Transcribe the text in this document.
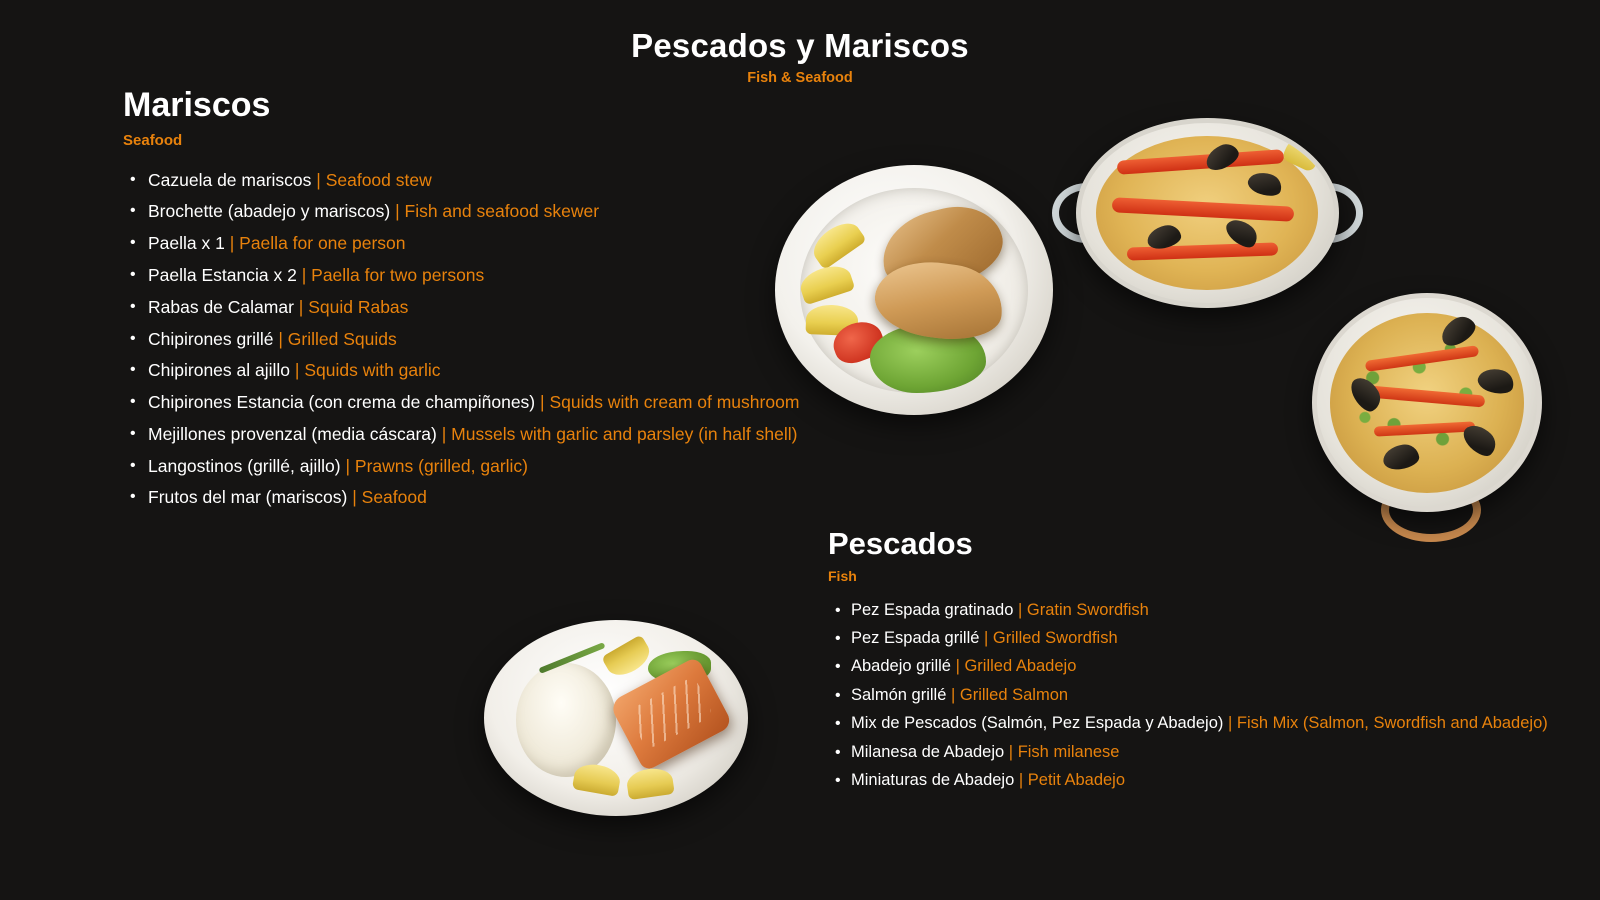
Pescados y Mariscos
Fish & Seafood
Mariscos
Seafood
• Cazuela de mariscos | Seafood stew
• Brochette (abadejo y mariscos) | Fish and seafood skewer
• Paella x 1 | Paella for one person
• Paella Estancia x 2 | Paella for two persons
• Rabas de Calamar | Squid Rabas
• Chipirones grillé | Grilled Squids
• Chipirones al ajillo | Squids with garlic
• Chipirones Estancia (con crema de champiñones) | Squids with cream of mushroom
• Mejillones provenzal (media cáscara) | Mussels with garlic and parsley (in half shell)
• Langostinos (grillé, ajillo) | Prawns (grilled, garlic)
• Frutos del mar (mariscos) | Seafood
Pescados
Fish
• Pez Espada gratinado | Gratin Swordfish
• Pez Espada grillé | Grilled Swordfish
• Abadejo grillé | Grilled Abadejo
• Salmón grillé | Grilled Salmon
• Mix de Pescados (Salmón, Pez Espada y Abadejo) | Fish Mix (Salmon, Swordfish and Abadejo)
• Milanesa de Abadejo | Fish milanese
• Miniaturas de Abadejo | Petit Abadejo
